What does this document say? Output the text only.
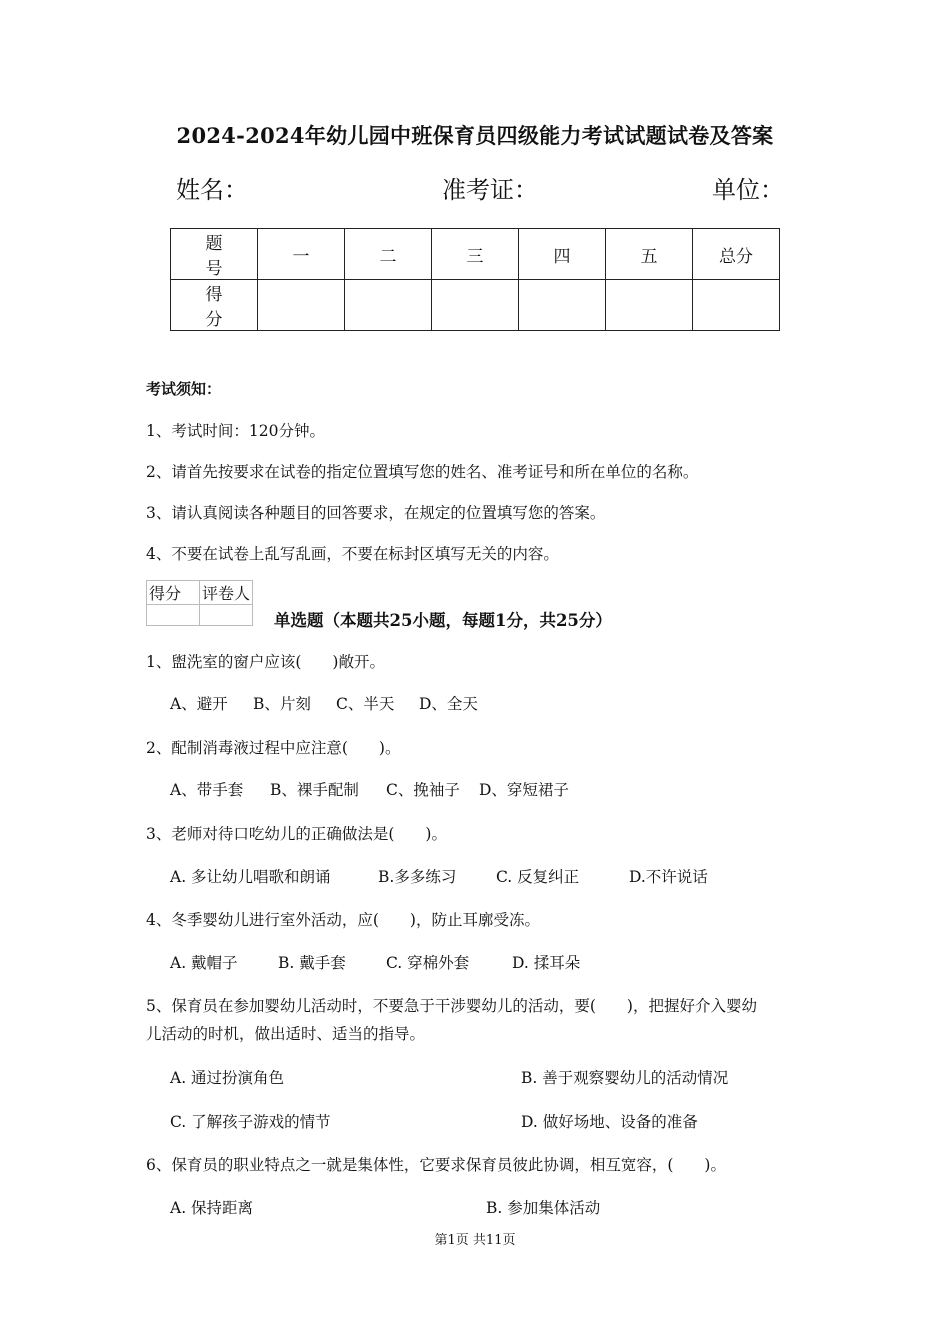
2024-2024年幼儿园中班保育员四级能力考试试题试卷及答案
姓名：	准考证：	单位：
题　号	一	二	三	四	五	总分
得　分						
考试须知：
1、考试时间：120分钟。
2、请首先按要求在试卷的指定位置填写您的姓名、准考证号和所在单位的名称。
3、请认真阅读各种题目的回答要求，在规定的位置填写您的答案。
4、不要在试卷上乱写乱画，不要在标封区填写无关的内容。
得分	评卷人

单选题（本题共25小题，每题1分，共25分）
1、盥洗室的窗户应该(　　)敞开。
A、避开 B、片刻 C、半天 D、全天
2、配制消毒液过程中应注意(　　)。
A、带手套 B、裸手配制 C、挽袖子 D、穿短裙子
3、老师对待口吃幼儿的正确做法是(　　)。
A. 多让幼儿唱歌和朗诵	B.多多练习	C. 反复纠正	D.不许说话
4、冬季婴幼儿进行室外活动，应(　　)，防止耳廓受冻。
A. 戴帽子	B. 戴手套	C. 穿棉外套	D. 揉耳朵
5、保育员在参加婴幼儿活动时，不要急于干涉婴幼儿的活动，要(　　)，把握好介入婴幼
儿活动的时机，做出适时、适当的指导。
A. 通过扮演角色	B. 善于观察婴幼儿的活动情况
C. 了解孩子游戏的情节	D. 做好场地、设备的准备
6、保育员的职业特点之一就是集体性，它要求保育员彼此协调，相互宽容，(　　)。
A. 保持距离	B. 参加集体活动
第1页 共11页
